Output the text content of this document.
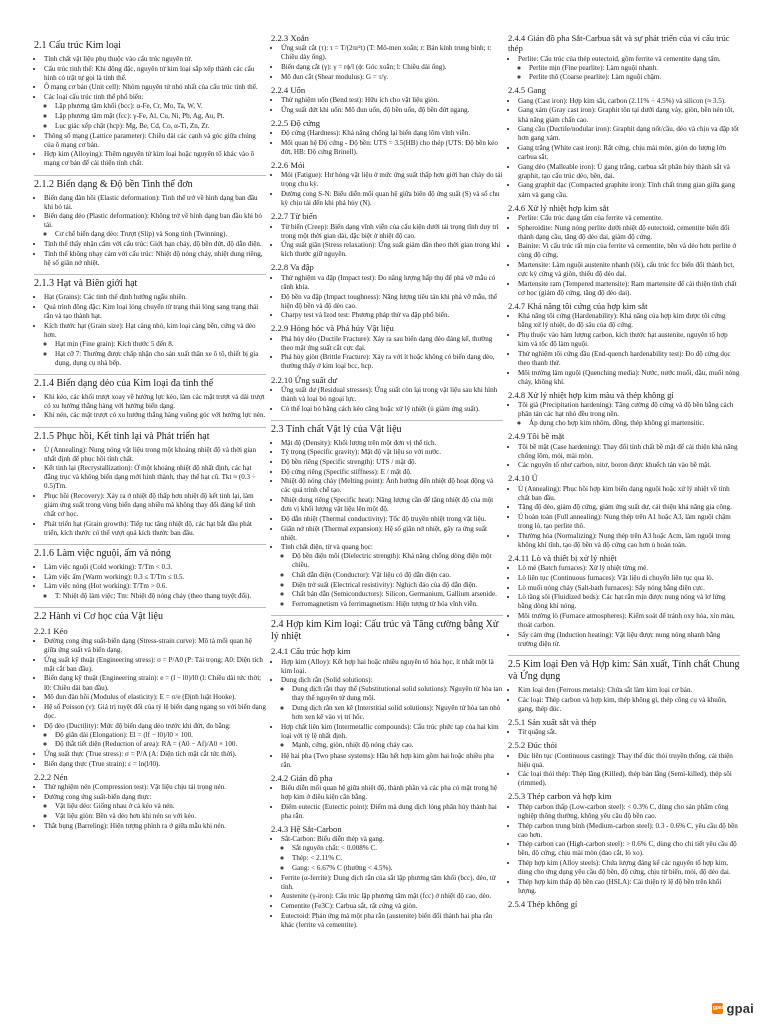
2.1 Cấu trúc Kim loại
• Tính chất vật liệu phụ thuộc vào cấu trúc nguyên tử.
• Cấu trúc tinh thể: Khi đông đặc, nguyên tử kim loại sắp xếp thành các cấu hình có trật tự gọi là tinh thể.
• Ô mạng cơ bản (Unit cell): Nhóm nguyên tử nhỏ nhất của cấu trúc tinh thể.
• Các loại cấu trúc tinh thể phổ biến:
◦ Lập phương tâm khối (bcc): α-Fe, Cr, Mo, Ta, W, V.
◦ Lập phương tâm mặt (fcc): γ-Fe, Al, Cu, Ni, Pb, Ag, Au, Pt.
◦ Lục giác xếp chặt (hcp): Mg, Be, Cd, Co, α-Ti, Zn, Zr.
• Thông số mạng (Lattice parameter): Chiều dài các cạnh và góc giữa chúng của ô mạng cơ bản.
• Hợp kim (Alloying): Thêm nguyên tử kim loại hoặc nguyên tố khác vào ô mạng cơ bản để cải thiện tính chất.
2.1.2 Biến dạng & Độ bền Tinh thể đơn
• Biến dạng đàn hồi (Elastic deformation): Tinh thể trở về hình dạng ban đầu khi bỏ tải.
• Biến dạng dẻo (Plastic deformation): Không trở về hình dạng ban đầu khi bỏ tải.
◦ Cơ chế biến dạng dẻo: Trượt (Slip) và Song tinh (Twinning).
• Tinh thể thấy nhận cấm với cấu trúc: Giới hạn chảy, độ bền đứt, độ dẫn điện.
• Tinh thể không nhạy cảm với cấu trúc: Nhiệt độ nóng chảy, nhiệt dung riêng, hệ số giãn nở nhiệt.
2.1.3 Hạt và Biên giới hạt
• Hạt (Grains): Các tinh thể định hướng ngẫu nhiên.
• Quá trình đông đặc: Kim loại lỏng chuyển từ trạng thái lỏng sang trạng thái rắn và tạo thành hạt.
• Kích thước hạt (Grain size): Hạt càng nhỏ, kim loại càng bền, cứng và dẻo hơn.
◦ Hạt mịn (Fine grain): Kích thước 5 đến 8.
◦ Hạt cỡ 7: Thường được chấp nhận cho sản xuất thân xe ô tô, thiết bị gia dụng, dụng cụ nhà bếp.
2.1.4 Biến dạng dẻo của Kim loại đa tinh thể
• Khi kéo, các khối trượt xoay về hướng lực kéo, làm các mặt trượt và dải trượt có xu hướng thẳng hàng với hướng biến dạng.
• Khi nén, các mặt trượt có xu hướng thẳng hàng vuông góc với hướng lực nén.
2.1.5 Phục hồi, Kết tinh lại và Phát triển hạt
• Ủ (Annealing): Nung nóng vật liệu trong một khoảng nhiệt độ và thời gian nhất định để phục hồi tính chất.
• Kết tinh lại (Recrystallization): Ở một khoảng nhiệt độ nhất định, các hạt đẳng trục và không biến dạng mới hình thành, thay thế hạt cũ. Tkt ≈ (0.3 ÷ 0.5)Tm.
• Phục hồi (Recovery): Xảy ra ở nhiệt độ thấp hơn nhiệt độ kết tinh lại, làm giảm ứng suất trong vùng biến dạng nhiều mà không thay đổi đáng kể tính chất cơ học.
• Phát triển hạt (Grain growth): Tiếp tục tăng nhiệt độ, các hạt bắt đầu phát triển, kích thước có thể vượt quá kích thước ban đầu.
2.1.6 Làm việc nguội, ấm và nóng
• Làm việc nguội (Cold working): T/Tm < 0.3.
• Làm việc ấm (Warm working): 0.3 ≤ T/Tm ≤ 0.5.
• Làm việc nóng (Hot working): T/Tm > 0.6.
◦ T: Nhiệt độ làm việc; Tm: Nhiệt độ nóng chảy (theo thang tuyệt đối).
2.2 Hành vi Cơ học của Vật liệu
2.2.1 Kéo
• Đường cong ứng suất-biến dạng (Stress-strain curve): Mô tả mối quan hệ giữa ứng suất và biến dạng.
• Ứng suất kỹ thuật (Engineering stress): σ = P/A0 (P: Tải trọng; A0: Diện tích mặt cắt ban đầu).
• Biến dạng kỹ thuật (Engineering strain): e = (l − l0)/l0 (l: Chiều dài tức thời; l0: Chiều dài ban đầu).
• Mô đun đàn hồi (Modulus of elasticity): E = σ/e (Định luật Hooke).
• Hệ số Poisson (ν): Giá trị tuyệt đối của tỷ lệ biến dạng ngang so với biến dạng dọc.
• Độ dẻo (Ductility): Mức độ biến dạng dẻo trước khi đứt, đo bằng:
◦ Độ giãn dài (Elongation): El = (lf − l0)/l0 × 100.
◦ Độ thắt tiết diện (Reduction of area): RA = (A0 − Af)/A0 × 100.
• Ứng suất thực (True stress): σ = P/A (A: Diện tích mặt cắt tức thời).
• Biến dạng thực (True strain): ε = ln(l/l0).
2.2.2 Nén
• Thử nghiệm nén (Compression test): Vật liệu chịu tải trọng nén.
• Đường cong ứng suất-biến dạng thực:
◦ Vật liệu dẻo: Giống nhau ở cả kéo và nén.
◦ Vật liệu giòn: Bền và dẻo hơn khi nén so với kéo.
• Thắt bụng (Barreling): Hiện tượng phình ra ở giữa mẫu khi nén.
2.2.3 Xoắn
• Ứng suất cắt (τ): τ = T/(2πr²t) (T: Mô-men xoắn; r: Bán kính trung bình; t: Chiều dày ống).
• Biến dạng cắt (γ): γ = rϕ/l (ϕ: Góc xoắn; l: Chiều dài ống).
• Mô đun cắt (Shear modulus): G = τ/γ.
2.2.4 Uốn
• Thử nghiệm uốn (Bend test): Hữu ích cho vật liệu giòn.
• Ứng suất đứt khi uốn: Mô đun uốn, độ bền uốn, độ bền đứt ngang.
2.2.5 Độ cứng
• Độ cứng (Hardness): Khả năng chống lại biến dạng lõm vĩnh viễn.
• Mối quan hệ Độ cứng - Độ bền: UTS = 3.5(HB) cho thép (UTS: Độ bền kéo đứt, HB: Độ cứng Brinell).
2.2.6 Mỏi
• Mỏi (Fatigue): Hư hỏng vật liệu ở mức ứng suất thấp hơn giới hạn chảy do tải trọng chu kỳ.
• Đường cong S-N: Biểu diễn mối quan hệ giữa biên độ ứng suất (S) và số chu kỳ chịu tải đến khi phá hủy (N).
2.2.7 Từ biến
• Từ biến (Creep): Biến dạng vĩnh viễn của cấu kiện dưới tải trọng tĩnh duy trì trong một thời gian dài, đặc biệt ở nhiệt độ cao.
• Ứng suất giãn (Stress relaxation): Ứng suất giảm dần theo thời gian trong khi kích thước giữ nguyên.
2.2.8 Va đập
• Thử nghiệm va đập (Impact test): Đo năng lượng hấp thụ để phá vỡ mẫu có rãnh khía.
• Độ bền va đập (Impact toughness): Năng lượng tiêu tán khi phá vỡ mẫu, thể hiện độ bền và độ dẻo cao.
• Charpy test và Izod test: Phương pháp thử va đập phổ biến.
2.2.9 Hỏng hóc và Phá hủy Vật liệu
• Phá hủy dẻo (Ductile Fracture): Xảy ra sau biến dạng dẻo đáng kể, thường theo mặt ứng suất cắt cực đại.
• Phá hủy giòn (Brittle Fracture): Xảy ra với ít hoặc không có biến dạng dẻo, thường thấy ở kim loại bcc, hcp.
2.2.10 Ứng suất dư
• Ứng suất dư (Residual stresses): Ứng suất còn lại trong vật liệu sau khi hình thành và loại bỏ ngoại lực.
• Có thể loại bỏ bằng cách kéo căng hoặc xử lý nhiệt (ủ giảm ứng suất).
2.3 Tính chất Vật lý của Vật liệu
• Mật độ (Density): Khối lượng trên một đơn vị thể tích.
• Tỷ trọng (Specific gravity): Mật độ vật liệu so với nước.
• Độ bền riêng (Specific strength): UTS / mật độ.
• Độ cứng riêng (Specific stiffness): E / mật độ.
• Nhiệt độ nóng chảy (Melting point): Ảnh hưởng đến nhiệt độ hoạt động và các quá trình chế tạo.
• Nhiệt dung riêng (Specific heat): Năng lượng cần để tăng nhiệt độ của một đơn vị khối lượng vật liệu lên một độ.
• Độ dẫn nhiệt (Thermal conductivity): Tốc độ truyền nhiệt trong vật liệu.
• Giãn nở nhiệt (Thermal expansion): Hệ số giãn nở nhiệt, gây ra ứng suất nhiệt.
• Tính chất điện, từ và quang học:
◦ Độ bền điện môi (Dielectric strength): Khả năng chống dòng điện một chiều.
◦ Chất dẫn điện (Conductor): Vật liệu có độ dẫn điện cao.
◦ Điện trở suất (Electrical resistivity): Nghịch đảo của độ dẫn điện.
◦ Chất bán dẫn (Semiconductors): Silicon, Germanium, Gallium arsenide.
◦ Ferromagnetism và ferrimagnetism: Hiện tượng từ hóa vĩnh viễn.
2.4 Hợp kim Kim loại: Cấu trúc và Tăng cường bằng Xử lý nhiệt
2.4.1 Cấu trúc hợp kim
• Hợp kim (Alloy): Kết hợp hai hoặc nhiều nguyên tố hóa học, ít nhất một là kim loại.
• Dung dịch rắn (Solid solutions):
◦ Dung dịch rắn thay thế (Substitutional solid solutions): Nguyên tử hòa tan thay thế nguyên tử dung môi.
◦ Dung dịch rắn xen kẽ (Interstitial solid solutions): Nguyên tử hòa tan nhỏ hơn xen kẽ vào vị trí hốc.
• Hợp chất liên kim (Intermetallic compounds): Cấu trúc phức tạp của hai kim loại với tỷ lệ nhất định.
◦ Mạnh, cứng, giòn, nhiệt độ nóng chảy cao.
• Hệ hai pha (Two phase systems): Hầu hết hợp kim gồm hai hoặc nhiều pha rắn.
2.4.2 Giản đồ pha
• Biểu diễn mối quan hệ giữa nhiệt độ, thành phần và các pha có mặt trong hệ hợp kim ở điều kiện cân bằng.
• Điểm eutectic (Eutectic point): Điểm mà dung dịch lỏng phân hủy thành hai pha rắn.
2.4.3 Hệ Sắt-Carbon
• Sắt-Carbon: Biểu diễn thép và gang.
◦ Sắt nguyên chất: < 0.008% C.
◦ Thép: < 2.11% C.
◦ Gang: < 6.67% C (thường < 4.5%).
• Ferrite (α-ferrite): Dung dịch rắn của sắt lập phương tâm khối (bcc), dẻo, từ tính.
• Austenite (γ-iron): Cấu trúc lập phương tâm mặt (fcc) ở nhiệt độ cao, dẻo.
• Cementite (Fe3C): Carbua sắt, rất cứng và giòn.
• Eutectoid: Phản ứng mà một pha rắn (austenite) biến đổi thành hai pha rắn khác (ferrite và cementite).
2.4.4 Giản đồ pha Sắt-Carbua sắt và sự phát triển của vi cấu trúc thép
• Perlite: Cấu trúc của thép eutectoid, gồm ferrite và cementite dạng tấm.
◦ Perlite mịn (Fine pearlite): Làm nguội nhanh.
◦ Perlite thô (Coarse pearlite): Làm nguội chậm.
2.4.5 Gang
• Gang (Cast iron): Hợp kim sắt, carbon (2.11% ÷ 4.5%) và silicon (≈ 3.5).
• Gang xám (Gray cast iron): Graphit tồn tại dưới dạng vảy, giòn, bền nén tốt, khả năng giảm chấn cao.
• Gang cầu (Ductile/nodular iron): Graphit dạng nốt/cầu, dẻo và chịu va đập tốt hơn gang xám.
• Gang trắng (White cast iron): Rất cứng, chịu mài mòn, giòn do lượng lớn carbua sắt.
• Gang dẻo (Malleable iron): Ủ gang trắng, carbua sắt phân hủy thành sắt và graphit, tạo cấu trúc dẻo, bền, dai.
• Gang graphit dạc (Compacted graphite iron): Tính chất trung gian giữa gang xám và gang cầu.
2.4.6 Xử lý nhiệt hợp kim sắt
• Perlite: Cấu trúc dạng tấm của ferrite và cementite.
• Spheroidite: Nung nóng perlite dưới nhiệt độ eutectoid, cementite biến đổi thành dạng cầu, tăng độ dẻo dai, giảm độ cứng.
• Bainite: Vi cấu trúc rất mịn của ferrite và cementite, bền và dẻo hơn perlite ở cùng độ cứng.
• Martensite: Làm nguội austenite nhanh (tôi), cấu trúc fcc biến đổi thành bct, cực kỳ cứng và giòn, thiếu độ dẻo dai.
• Martensite ram (Tempered martensite): Ram martensite để cải thiện tính chất cơ học (giảm độ cứng, tăng độ dẻo dai).
2.4.7 Khả năng tôi cứng của hợp kim sắt
• Khả năng tôi cứng (Hardenability): Khả năng của hợp kim được tôi cứng bằng xử lý nhiệt, đo độ sâu của độ cứng.
• Phụ thuộc vào hàm lượng carbon, kích thước hạt austenite, nguyên tố hợp kim và tốc độ làm nguội.
• Thử nghiệm tôi cứng đầu (End-quench hardenability test): Đo độ cứng dọc theo thanh thử.
• Môi trường làm nguội (Quenching media): Nước, nước muối, dầu, muối nóng chảy, không khí.
2.4.8 Xử lý nhiệt hợp kim màu và thép không gỉ
• Tôi già (Precipitation hardening): Tăng cường độ cứng và độ bền bằng cách phân tán các hạt nhỏ đều trong nền.
◦ Áp dụng cho hợp kim nhôm, đồng, thép không gỉ martensitic.
2.4.9 Tôi bề mặt
• Tôi bề mặt (Case hardening): Thay đổi tính chất bề mặt để cải thiện khả năng chống lõm, mỏi, mài mòn.
• Các nguyên tố như carbon, nitơ, boron được khuếch tán vào bề mặt.
2.4.10 Ủ
• Ủ (Annealing): Phục hồi hợp kim biến dạng nguội hoặc xử lý nhiệt về tính chất ban đầu.
• Tăng độ dẻo, giảm độ cứng, giảm ứng suất dư, cải thiện khả năng gia công.
• Ủ hoàn toàn (Full annealing): Nung thép trên A1 hoặc A3, làm nguội chậm trong lò, tạo perlite thô.
• Thường hóa (Normalizing): Nung thép trên A3 hoặc Acm, làm nguội trong không khí tĩnh, tạo độ bền và độ cứng cao hơn ủ hoàn toàn.
2.4.11 Lò và thiết bị xử lý nhiệt
• Lò mẻ (Batch furnaces): Xử lý nhiệt từng mẻ.
• Lò liên tục (Continuous furnaces): Vật liệu di chuyển liên tục qua lò.
• Lò muối nóng chảy (Salt-bath furnaces): Sấy nóng bằng điện cực.
• Lò tầng sôi (Fluidized beds): Các hạt rắn mịn được nung nóng và lơ lửng bằng dòng khí nóng.
• Môi trường lò (Furnace atmospheres): Kiểm soát để tránh oxy hóa, xỉn màu, thoát carbon.
• Sấy cảm ứng (Induction heating): Vật liệu được nung nóng nhanh bằng trường điện từ.
2.5 Kim loại Đen và Hợp kim: Sản xuất, Tính chất Chung và Ứng dụng
• Kim loại đen (Ferrous metals): Chứa sắt làm kim loại cơ bản.
• Các loại: Thép carbon và hợp kim, thép không gỉ, thép công cụ và khuôn, gang, thép đúc.
2.5.1 Sản xuất sắt và thép
• Từ quặng sắt.
2.5.2 Đúc thỏi
• Đúc liên tục (Continuous casting): Thay thế đúc thỏi truyền thống, cải thiện hiệu quả.
• Các loại thỏi thép: Thép lắng (Killed), thép bán lắng (Semi-killed), thép sôi (rimmed).
2.5.3 Thép carbon và hợp kim
• Thép carbon thấp (Low-carbon steel): < 0.3% C, dùng cho sản phẩm công nghiệp thông thường, không yêu cầu độ bền cao.
• Thép carbon trung bình (Medium-carbon steel): 0.3 - 0.6% C, yêu cầu độ bền cao hơn.
• Thép carbon cao (High-carbon steel): > 0.6% C, dùng cho chi tiết yêu cầu độ bền, độ cứng, chịu mài mòn (dao cắt, lò xo).
• Thép hợp kim (Alloy steels): Chứa lượng đáng kể các nguyên tố hợp kim, dùng cho ứng dụng yêu cầu độ bền, độ cứng, chịu từ biến, mỏi, độ dẻo dai.
• Thép hợp kim thấp độ bền cao (HSLA): Cải thiện tỷ lệ độ bền trên khối lượng.
2.5.4 Thép không gỉ
gpai gpai
